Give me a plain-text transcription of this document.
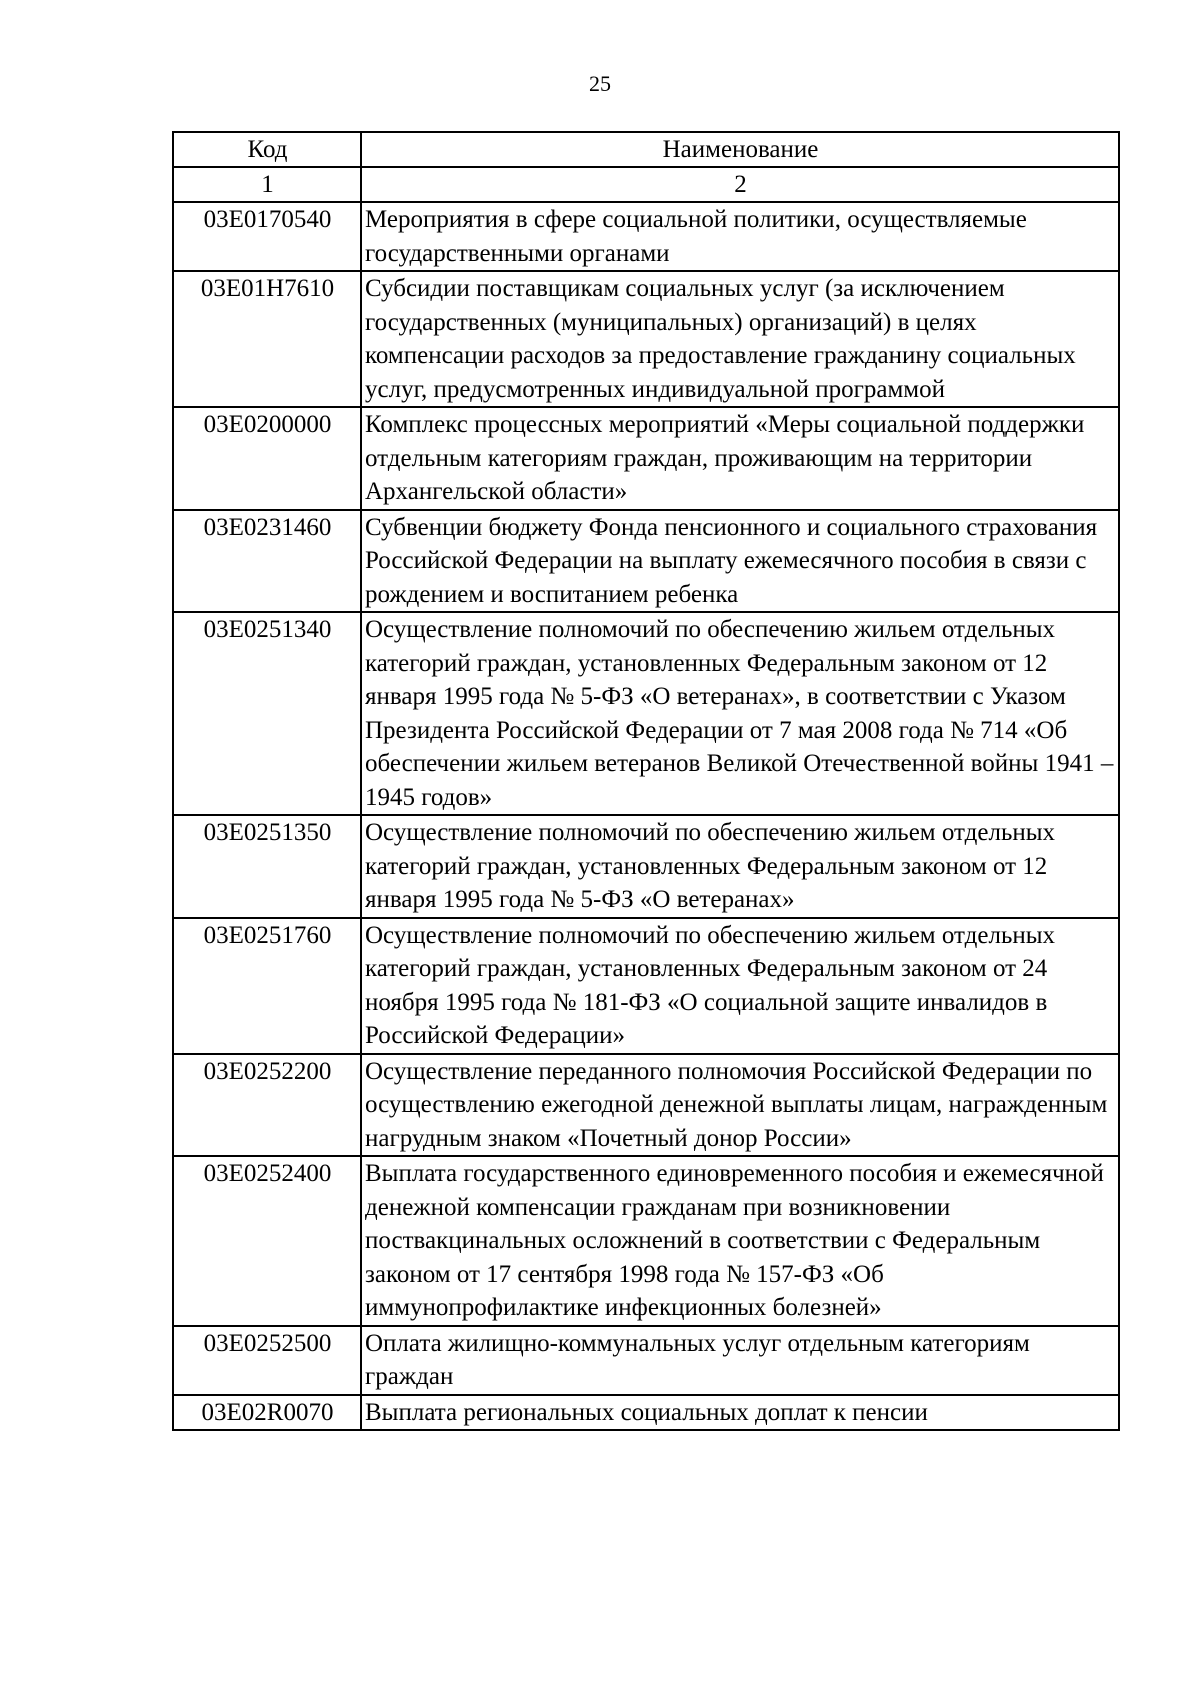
25
Код	Наименование
1	2
03Е0170540	Мероприятия в сфере социальной политики, осуществляемые государственными органами
03Е01Н7610	Субсидии поставщикам социальных услуг (за исключением государственных (муниципальных) организаций) в целях компенсации расходов за предоставление гражданину социальных услуг, предусмотренных индивидуальной программой
03Е0200000	Комплекс процессных мероприятий «Меры социальной поддержки отдельным категориям граждан, проживающим на территории Архангельской области»
03Е0231460	Субвенции бюджету Фонда пенсионного и социального страхования Российской Федерации на выплату ежемесячного пособия в связи с рождением и воспитанием ребенка
03Е0251340	Осуществление полномочий по обеспечению жильем отдельных категорий граждан, установленных Федеральным законом от 12 января 1995 года № 5-ФЗ «О ветеранах», в соответствии с Указом Президента Российской Федерации от 7 мая 2008 года № 714 «Об обеспечении жильем ветеранов Великой Отечественной войны 1941 – 1945 годов»
03Е0251350	Осуществление полномочий по обеспечению жильем отдельных категорий граждан, установленных Федеральным законом от 12 января 1995 года № 5-ФЗ «О ветеранах»
03Е0251760	Осуществление полномочий по обеспечению жильем отдельных категорий граждан, установленных Федеральным законом от 24 ноября 1995 года № 181-ФЗ «О социальной защите инвалидов в Российской Федерации»
03Е0252200	Осуществление переданного полномочия Российской Федерации по осуществлению ежегодной денежной выплаты лицам, награжденным нагрудным знаком «Почетный донор России»
03Е0252400	Выплата государственного единовременного пособия и ежемесячной денежной компенсации гражданам при возникновении поствакцинальных осложнений в соответствии с Федеральным законом от 17 сентября 1998 года № 157-ФЗ «Об иммунопрофилактике инфекционных болезней»
03Е0252500	Оплата жилищно-коммунальных услуг отдельным категориям граждан
03Е02R0070	Выплата региональных социальных доплат к пенсии
